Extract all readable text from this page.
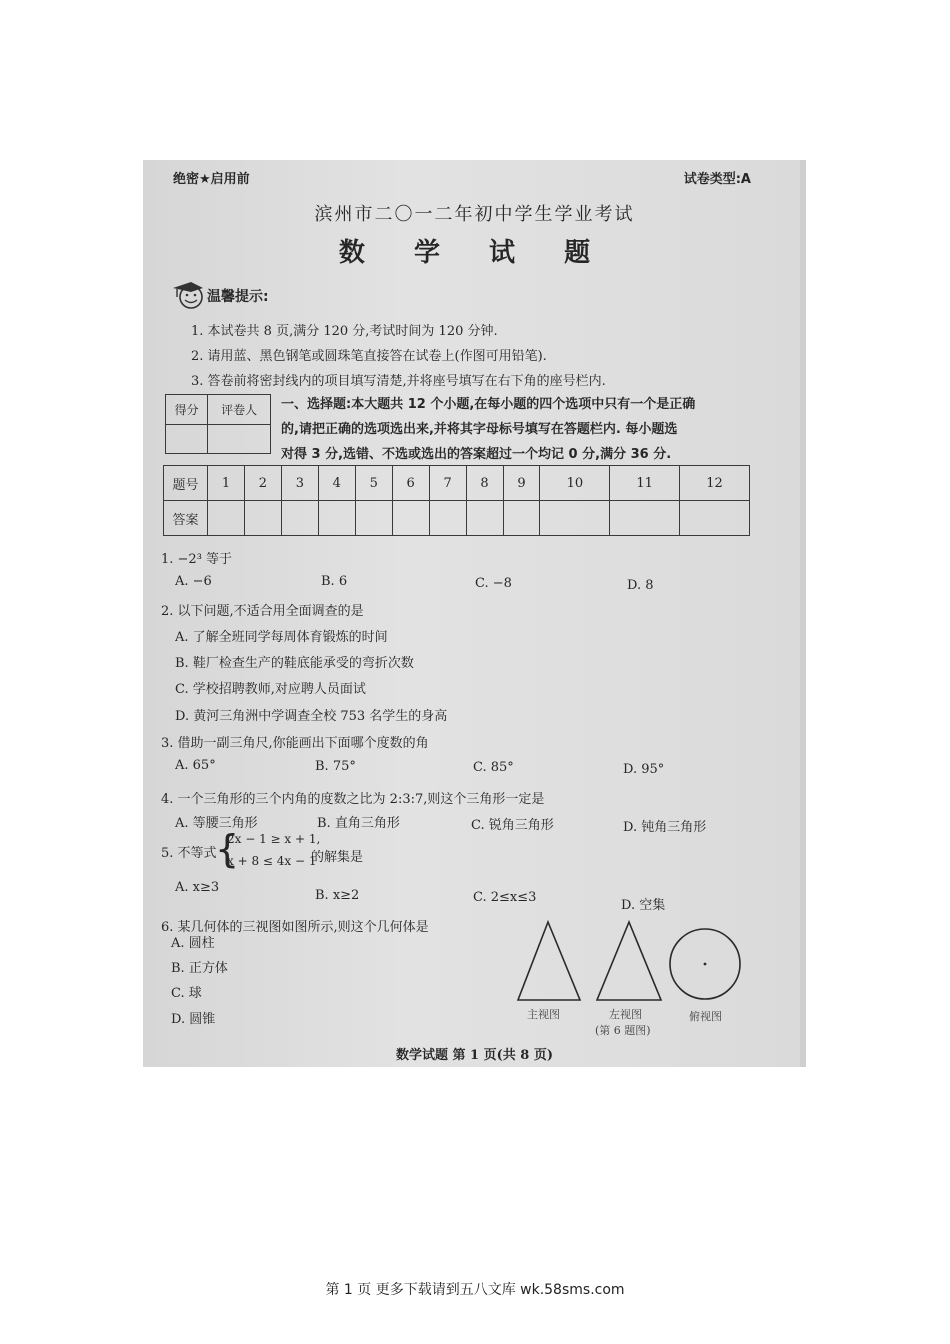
绝密★启用前	试卷类型:A
滨州市二〇一二年初中学生学业考试
数 学 试 题
温馨提示:
1. 本试卷共 8 页,满分 120 分,考试时间为 120 分钟.
2. 请用蓝、黑色钢笔或圆珠笔直接答在试卷上(作图可用铅笔).
3. 答卷前将密封线内的项目填写清楚,并将座号填写在右下角的座号栏内.
得分	评卷人
	一、选择题:本大题共 12 个小题,在每小题的四个选项中只有一个是正确
的,请把正确的选项选出来,并将其字母标号填写在答题栏内. 每小题选
对得 3 分,选错、不选或选出的答案超过一个均记 0 分,满分 36 分.
题号	1	2	3	4	5	6	7	8	9	10	11	12
答案												
1. −2³ 等于
A. −6	B. 6	C. −8	D. 8
2. 以下问题,不适合用全面调查的是
A. 了解全班同学每周体育锻炼的时间
B. 鞋厂检查生产的鞋底能承受的弯折次数
C. 学校招聘教师,对应聘人员面试
D. 黄河三角洲中学调查全校 753 名学生的身高
3. 借助一副三角尺,你能画出下面哪个度数的角
A. 65°	B. 75°	C. 85°	D. 95°
4. 一个三角形的三个内角的度数之比为 2:3:7,则这个三角形一定是
A. 等腰三角形	B. 直角三角形	C. 锐角三角形	D. 钝角三角形
5. 不等式
{
2x − 1 ≥ x + 1,
x + 8 ≤ 4x − 1
的解集是
A. x≥3
B. x≥2	C. 2≤x≤3
D. 空集
6. 某几何体的三视图如图所示,则这个几何体是
A. 圆柱
B. 正方体
C. 球
D. 圆锥	主视图	左视图	俯视图
(第 6 题图)
数学试题 第 1 页(共 8 页)
第 1 页 更多下载请到五八文库 wk.58sms.com
